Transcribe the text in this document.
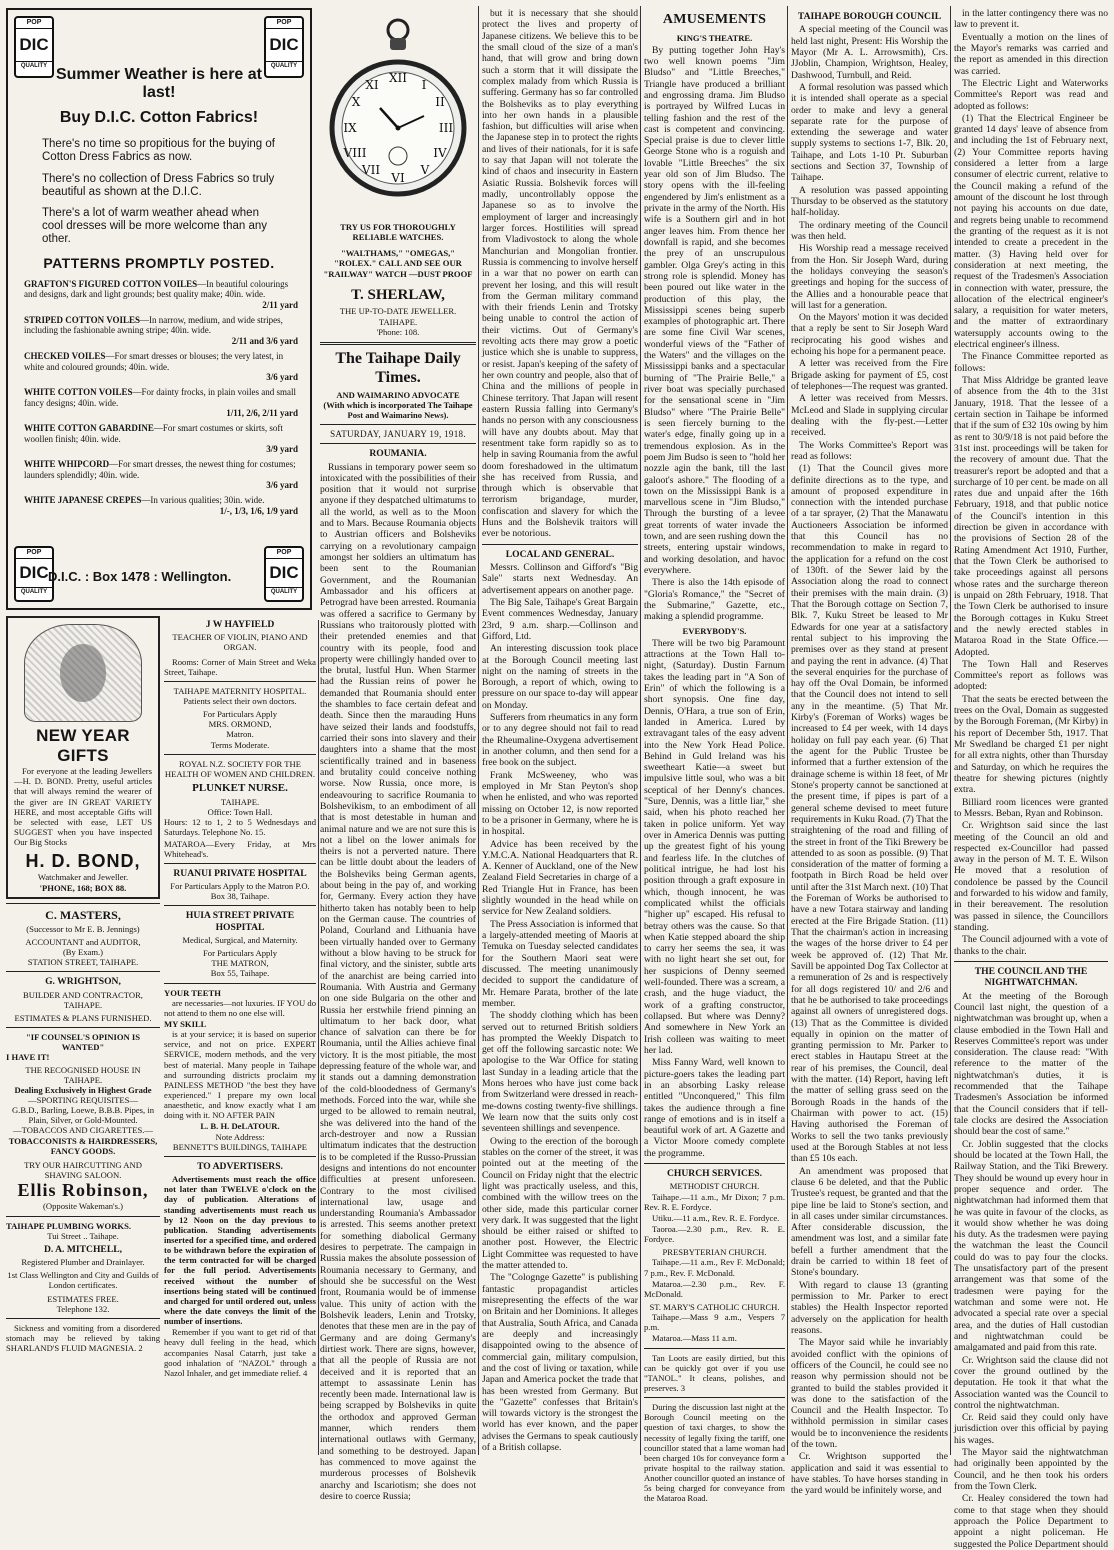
POP
DIC
QUALITY
POP
DIC
QUALITY
Summer Weather is here at last!
Buy D.I.C. Cotton Fabrics!
There's no time so propitious for the buying of Cotton Dress Fabrics as now.
There's no collection of Dress Fabrics so truly beautiful as shown at the D.I.C.
There's a lot of warm weather ahead when cool dresses will be more welcome than any other.
PATTERNS PROMPTLY POSTED.
GRAFTON'S FIGURED COTTON VOILES—In beautiful colourings and designs, dark and light grounds; best quality make; 40in. wide.
2/11 yard
STRIPED COTTON VOILES—In narrow, medium, and wide stripes, including the fashionable awning stripe; 40in. wide.
2/11 and 3/6 yard
CHECKED VOILES—For smart dresses or blouses; the very latest, in white and coloured grounds; 40in. wide.
3/6 yard
WHITE COTTON VOILES—For dainty frocks, in plain voiles and small fancy designs; 40in. wide.
1/11, 2/6, 2/11 yard
WHITE COTTON GABARDINE—For smart costumes or skirts, soft woollen finish; 40in. wide.
3/9 yard
WHITE WHIPCORD—For smart dresses, the newest thing for costumes; launders splendidly; 40in. wide.
3/6 yard
WHITE JAPANESE CREPES—In various qualities; 30in. wide.
1/-, 1/3, 1/6, 1/9 yard
POP
DIC
QUALITY
POP
DIC
QUALITY
D.I.C. : Box 1478 : Wellington.
NEW YEAR GIFTS

For everyone at the leading Jewellers—H. D. BOND. Pretty, useful articles that will always remind the wearer of the giver are IN GREAT VARIETY HERE, and most acceptable Gifts will be selected with ease, LET US SUGGEST when you have inspected Our Big Stocks

H. D. BOND,
Watchmaker and Jeweller.
'PHONE, 168; BOX 88.
C. MASTERS,
(Successor to Mr E. B. Jennings)
ACCOUNTANT and AUDITOR,
(By Exam.)
STATION STREET, TAIHAPE.
G. WRIGHTSON,
BUILDER AND CONTRACTOR,
TAIHAPE.
ESTIMATES & PLANS FURNISHED.
"IF COUNSEL'S OPINION IS WANTED"
I HAVE IT!
THE RECOGNISED HOUSE IN TAIHAPE.
Dealing Exclusively in Highest Grade
—SPORTING REQUISITES—
G.B.D., Barling, Loewe, B.B.B. Pipes, in Plain, Silver, or Gold-Mounted.
—TOBACCOS AND CIGARETTES.—
TOBACCONISTS & HAIRDRESSERS, FANCY GOODS.
TRY OUR HAIRCUTTING AND SHAVING SALOON.
Ellis Robinson,
(Opposite Wakeman's.)
TAIHAPE PLUMBING WORKS.
Tui Street .. Taihape.
D. A. MITCHELL,
Registered Plumber and Drainlayer.
1st Class Wellington and City and Guilds of London certificates.
ESTIMATES FREE.
Telephone 132.

Sickness and vomiting from a disordered stomach may be relieved by taking SHARLAND'S FLUID MAGNESIA. 2

J W HAYFIELD
TEACHER OF VIOLIN, PIANO AND ORGAN.

Rooms: Corner of Main Street and Weka Street, Taihape.

TAIHAPE MATERNITY HOSPITAL.
Patients select their own doctors.
For Particulars Apply
MRS. ORMOND,
Matron.
Terms Moderate.
ROYAL N.Z. SOCIETY FOR THE HEALTH OF WOMEN AND CHILDREN.
PLUNKET NURSE.
TAIHAPE.
Office: Town Hall.

Hours: 12 to 1, 2 to 5 Wednesdays and Saturdays. Telephone No. 15.

MATAROA—Every Friday, at Mrs Whitehead's.

RUANUI PRIVATE HOSPITAL

For Particulars Apply to the Matron P.O. Box 38, Taihape.

HUIA STREET PRIVATE HOSPITAL
Medical, Surgical, and Maternity.
For Particulars Apply
THE MATRON,
Box 55, Taihape.
YOUR TEETH

are necessaries—not luxuries. IF YOU do not attend to them no one else will.

MY SKILL

is at your service; it is based on superior service, and not on price. EXPERT SERVICE, modern methods, and the very best of material. Many people in Taihape and surrounding districts proclaim my PAINLESS METHOD "the best they have experienced." I prepare my own local anaesthetic, and know exactly what I am doing with it. NO AFTER PAIN

L. B. H. DeLATOUR.
Note Address:
BENNETT'S BUILDINGS, TAIHAPE
TO ADVERTISERS.

Advertisements must reach the office not later than TWELVE o'clock on the day of publication. Alterations of standing advertisements must reach us by 12 Noon on the day previous to publication. Standing advertisements inserted for a specified time, and ordered to be withdrawn before the expiration of the term contracted for will be charged for the full period. Advertisements received without the number of insertions being stated will be continued and charged for until ordered out, unless where the date conveys the limit of the number of insertions.

Remember if you want to get rid of that heavy dull feeling in the head, which accompanies Nasal Catarrh, just take a good inhalation of "NAZOL" through a Nazol Inhaler, and get immediate relief. 4

XII I
II
III
IV
V
VI
VII
VIII
IX
X
XI
TRY US FOR THOROUGHLY RELIABLE WATCHES.
"WALTHAMS," "OMEGAS," "ROLEX." CALL AND SEE OUR "RAILWAY" WATCH —DUST PROOF
T. SHERLAW,
THE UP-TO-DATE JEWELLER.
TAIHAPE.
'Phone: 108.
The Taihape Daily Times.
AND WAIMARINO ADVOCATE
(With which is incorporated The Taihape Post and Waimarino News).
SATURDAY, JANUARY 19, 1918.
ROUMANIA.

Russians in temporary power seem so intoxicated with the possibilities of their position that it would not surprise anyone if they despatched ultimatums to all the world, as well as to the Moon and to Mars. Because Roumania objects to Austrian officers and Bolsheviks carrying on a revolutionary campaign amongst her soldiers an ultimatum has been sent to the Roumanian Government, and the Roumanian Ambassador and his officers at Petrograd have been arrested. Roumania was offered a sacrifice to Germany by Russians who traitorously plotted with their pretended enemies and that country with its people, food and property were chillingly handed over to the brutal, lustful Hun. When Starmer had the Russian reins of power he demanded that Roumania should enter the shambles to face certain defeat and death. Since then the marauding Huns have seized their lands and foodstuffs, carried their sons into slavery and their daughters into a shame that the most scientifically trained and in baseness and brutality could conceive nothing worse. Now Russia, once more, is endeavouring to sacrifice Roumania to Bolshevikism, to an embodiment of all that is most detestable in human and animal nature and we are not sure this is not a libel on the lower animals for theirs is not a perverted nature. There can be little doubt about the leaders of the Bolsheviks being German agents, about being in the pay of, and working for, Germany. Every action they have hitherto taken has notably been to help on the German cause. The countries of Poland, Courland and Lithuania have been virtually handed over to Germany without a blow having to be struck for final victory, and the sinister, subtle arts of the anarchist are being carried into Roumania. With Austria and Germany on one side Bulgaria on the other and Russia her erstwhile friend pinning an ultimatum to her back door, what chance of salvation can there be for Roumania, until the Allies achieve final victory. It is the most pitiable, the most depressing feature of the whole war, and it stands out a damning demonstration of the cold-bloodedness of Germany's methods. Forced into the war, while she urged to be allowed to remain neutral, she was delivered into the hand of the arch-destroyer and now a Russian ultimatum indicates that the destruction is to be completed if the Russo-Prussian designs and intentions do not encounter difficulties at present unforeseen. Contrary to the most civilised international law, usage and understanding Roumania's Ambassador is arrested. This seems another pretext for something diabolical Germany desires to perpetrate. The campaign in Russia makes the absolute possession of Roumania necessary to Germany, and should she be successful on the West front, Roumania would be of immense value. This unity of action with the Bolshevik leaders, Lenin and Trotsky, denotes that these men are in the pay of Germany and are doing Germany's dirtiest work. There are signs, however, that all the people of Russia are not deceived and it is reported that an attempt to assassinate Lenin has recently been made. International law is being scrapped by Bolsheviks in quite the orthodox and approved German manner, which renders them international outlaws with Germany, and something to be destroyed. Japan has commenced to move against the murderous processes of Bolshevik anarchy and Iscariotism; she does not desire to coerce Russia;

but it is necessary that she should protect the lives and property of Japanese citizens. We believe this to be the small cloud of the size of a man's hand, that will grow and bring down such a storm that it will dissipate the complex malady from which Russia is suffering. Germany has so far controlled the Bolsheviks as to play everything into her own hands in a plausible fashion, but difficulties will arise when the Japanese step in to protect the rights and lives of their nationals, for it is safe to say that Japan will not tolerate the kind of chaos and insecurity in Eastern Asiatic Russia. Bolshevik forces will madly, uncontrollably oppose the Japanese so as to involve the employment of larger and increasingly larger forces. Hostilities will spread from Vladivostock to along the whole Manchurian and Mongolian frontier. Russia is commencing to involve herself in a war that no power on earth can prevent her losing, and this will result from the German military command with their friends Lenin and Trotsky being unable to control the action of their victims. Out of Germany's revolting acts there may grow a poetic justice which she is unable to suppress, or resist. Japan's keeping of the safety of her own country and people, also that of China and the millions of people in Chinese territory. That Japan will resent eastern Russia falling into Germany's hands no person with any consciousness will have any doubts about. May that resentment take form rapidly so as to help in saving Roumania from the awful doom foreshadowed in the ultimatum she has received from Russia, and through which is observable that terrorism brigandage, murder, confiscation and slavery for which the Huns and the Bolshevik traitors will ever be notorious.

LOCAL AND GENERAL.

Messrs. Collinson and Gifford's "Big Sale" starts next Wednesday. An advertisement appears on another page.

The Big Sale, Taihape's Great Bargain Event commences Wednesday, January 23rd, 9 a.m. sharp.—Collinson and Gifford, Ltd.

An interesting discussion took place at the Borough Council meeting last night on the naming of streets in the Borough, a report of which, owing to pressure on our space to-day will appear on Monday.

Sufferers from rheumatics in any form or to any degree should not fail to read the Rheumaline-Oxygena advertisement in another column, and then send for a free book on the subject.

Frank McSweeney, who was employed in Mr Stan Peyton's shop when he enlisted, and who was reported missing on October 12, is now reported to be a prisoner in Germany, where he is in hospital.

Advice has been received by the Y.M.C.A. National Headquarters that R. A. Kenner of Auckland, one of the New Zealand Field Secretaries in charge of a Red Triangle Hut in France, has been slightly wounded in the head while on service for New Zealand soldiers.

The Press Association is informed that a largely-attended meeting of Maoris at Temuka on Tuesday selected candidates for the Southern Maori seat were discussed. The meeting unanimously decided to support the candidature of Mr. Hemare Parata, brother of the late member.

The shoddy clothing which has been served out to returned British soldiers has prompted the Weekly Dispatch to get off the following sarcastic note: We apologise to the War Office for stating last Sunday in a leading article that the Mons heroes who have just come back from Switzerland were dressed in reach-me-downs costing twenty-five shillings. We learn now that the suits only cost seventeen shillings and sevenpence.

Owing to the erection of the borough stables on the corner of the street, it was pointed out at the meeting of the Council on Friday night that the electric light was practically useless, and this, combined with the willow trees on the other side, made this particular corner very dark. It was suggested that the light should be either raised or shifted to another post. However, the Electric Light Committee was requested to have the matter attended to.

The "Colognge Gazette" is publishing fantastic propagandist articles misrepresenting the effects of the war on Britain and her Dominions. It alleges that Australia, South Africa, and Canada are deeply and increasingly disappointed owing to the absence of commercial gain, military compulsion, and the cost of living or taxation, while Japan and America pocket the trade that has been wrested from Germany. But the "Gazette" confesses that Britain's will towards victory is the strongest the world has ever known, and the paper advises the Germans to speak cautiously of a British collapse.

AMUSEMENTS
KING'S THEATRE.

By putting together John Hay's two well known poems "Jim Bludso" and "Little Breeches," Triangle have produced a brilliant and engrossing drama. Jim Bludso is portrayed by Wilfred Lucas in telling fashion and the rest of the cast is competent and convincing. Special praise is due to clever little George Stone who is a roguish and lovable "Little Breeches" the six year old son of Jim Bludso. The story opens with the ill-feeling engendered by Jim's enlistment as a private in the army of the North. His wife is a Southern girl and in hot anger leaves him. From thence her downfall is rapid, and she becomes the prey of an unscrupulous gambler. Olga Grey's acting in this strong role is splendid. Money has been poured out like water in the production of this play, the Mississippi scenes being superb examples of photographic art. There are some fine Civil War scenes, wonderful views of the "Father of the Waters" and the villages on the Mississippi banks and a spectacular burning of "The Prairie Belle," a river boat was specially purchased for the sensational scene in "Jim Bludso" where "The Prairie Belle" is seen fiercely burning to the water's edge, finally going up in a tremendous explosion. As in the poem Jim Budso is seen to "hold her nozzle agin the bank, till the last galoot's ashore." The flooding of a town on the Mississippi Bank is a marvellous scene in "Jim Bludso," Through the bursting of a levee great torrents of water invade the town, and are seen rushing down the streets, entering upstair windows, and working desolation, and havoc everywhere.

There is also the 14th episode of "Gloria's Romance," the "Secret of the Submarine," Gazette, etc., making a splendid programme.

EVERYBODY'S.

There will be two big Paramount attractions at the Town Hall to-night, (Saturday). Dustin Farnum takes the leading part in "A Son of Erin" of which the following is a short synopsis. One fine day, Dennis, O'Hara, a true son of Erin, landed in America. Lured by extravagant tales of the easy advent into the New York Head Police. Behind in Guld Ireland was his sweetheart Katie—a sweet but impulsive little soul, who was a bit sceptical of her Denny's chances. "Sure, Dennis, was a little liar," she said, when his photo reached her taken in police uniform. Yet way over in America Dennis was putting up the greatest fight of his young and fearless life. In the clutches of political intrigue, he had lost his position through a graft exposure in which, though innocent, he was complicated whilst the officials "higher up" escaped. His refusal to betray others was the cause. So that when Katie stepped aboard the ship to carry her seems the sea, it was with no light heart she set out, for her suspicions of Denny seemed well-founded. There was a scream, a crash, and the huge viaduct, the work of a grafting constructor, collapsed. But where was Denny? And somewhere in New York an Irish colleen was waiting to meet her lad.

Miss Fanny Ward, well known to picture-goers takes the leading part in an absorbing Lasky release entitled "Unconquered," This film takes the audience through a fine range of emotions and is in itself a beautiful work of art. A Gazette and a Victor Moore comedy complete the programme.

CHURCH SERVICES.
METHODIST CHURCH.

Taihape.—11 a.m., Mr Dixon; 7 p.m. Rev. R. E. Fordyce.

Utiku.—11 a.m., Rev. R. E. Fordyce.

Taoroa.—2.30 p.m., Rev. R. E. Fordyce.

PRESBYTERIAN CHURCH.

Taihape.—11 a.m., Rev F. McDonald; 7 p.m., Rev. F. McDonald.

Mataroa.—2.30 p.m., Rev. F. McDonald.

ST. MARY'S CATHOLIC CHURCH.

Taihape.—Mass 9 a.m., Vespers 7 p.m.

Mataroa.—Mass 11 a.m.

Tan Loots are easily dirtied, but this can be quickly got over if you use "TANOL." It cleans, polishes, and preserves. 3

During the discussion last night at the Borough Council meeting on the question of taxi charges, to show the necessity of legally fixing the tariff, one councillor stated that a lame woman had been charged 10s for conveyance form a private hospital to the railway station. Another councillor quoted an instance of 5s being charged for conveyance from the Mataroa Road.

TAIHAPE BOROUGH COUNCIL

A special meeting of the Council was held last night, Present: His Worship the Mayor (Mr A. L. Arrowsmith), Crs. JJoblin, Champion, Wrightson, Healey, Dashwood, Turnbull, and Reid.

A formal resolution was passed which it is intended shall operate as a special order to make and levy a general separate rate for the purpose of extending the sewerage and water supply systems to sections 1-7, Blk. 20, Taihape, and Lots 1-10 Pt. Suburban sections and Section 37, Township of Taihape.

A resolution was passed appointing Thursday to be observed as the statutory half-holiday.

The ordinary meeting of the Council was then held.

His Worship read a message received from the Hon. Sir Joseph Ward, during the holidays conveying the season's greetings and hoping for the success of the Allies and a honourable peace that will last for a generation.

On the Mayors' motion it was decided that a reply be sent to Sir Joseph Ward reciprocating his good wishes and echoing his hope for a permanent peace.

A letter was received from the Fire Brigade asking for payment of £5, cost of telephones—The request was granted.

A letter was received from Messrs. McLeod and Slade in supplying circular dealing with the fly-pest.—Letter received.

The Works Committee's Report was read as follows:

(1) That the Council gives more definite directions as to the type, and amount of proposed expenditure in connection with the intended purchase of a tar sprayer, (2) That the Manawatu Auctioneers Association be informed that this Council has no recommendation to make in regard to the application for a refund on the cost of 130ft. of the Sewer laid by the Association along the road to connect their premises with the main drain. (3) That the Borough cottage on Section 7, Blk. 7, Kuku Street be leased to Mr Edwards for one year at a satisfactory rental subject to his improving the premises over as they stand at present and paying the rent in advance. (4) That the several enquiries for the purchase of hay off the Oval Domain, be informed that the Council does not intend to sell any in the meantime. (5) That Mr. Kirby's (Foreman of Works) wages be increased to £4 per week, with 14 days holiday on full pay each year. (6) That the agent for the Public Trustee be informed that a further extension of the drainage scheme is within 18 feet, of Mr Stone's property cannot be sanctioned at the present time, if pipes is part of a general scheme devised to meet future requirements in Kuku Road. (7) That the straightening of the road and filling of the street in front of the Tiki Brewery be attended to as soon as possible. (9) That consideration of the matter of forming a footpath in Birch Road be held over until after the 31st March next. (10) That the Foreman of Works be authorised to have a new Totara stairway and landing erected at the Fire Brigade Station. (11) That the chairman's action in increasing the wages of the horse driver to £4 per week be approved of. (12) That Mr. Savill be appointed Dog Tax Collector at a remuneration of 2s and is respectively for all dogs registered 10/ and 2/6 and that he be authorised to take proceedings against all owners of unregistered dogs. (13) That as the Committee is divided equally in opinion on the matter of granting permission to Mr. Parker to erect stables in Hautapu Street at the rear of his premises, the Council, deal with the matter. (14) Report, having left the matter of selling grass seed on the Borough Roads in the hands of the Chairman with power to act. (15) Having authorised the Foreman of Works to sell the two tanks previously used at the Borough Stables at not less than £5 10s each.

An amendment was proposed that clause 6 be deleted, and that the Public Trustee's request, be granted and that the pipe line be laid to Stone's section, and in all cases under similar circumstances. After considerable discussion, the amendment was lost, and a similar fate befell a further amendment that the drain be carried to within 18 feet of Stone's boundary.

With regard to clause 13 (granting permission to Mr. Parker to erect stables) the Health Inspector reported adversely on the application for health reasons.

The Mayor said while he invariably avoided conflict with the opinions of officers of the Council, he could see no reason why permission should not be granted to build the stables provided it was done to the satisfaction of the Council and the Health Inspector. To withhold permission in similar cases would be to inconvenience the residents of the town.

Cr. Wrightson supported the application and said it was essential to have stables. To have horses standing in the yard would be infinitely worse, and

in the latter contingency there was no law to prevent it.

Eventually a motion on the lines of the Mayor's remarks was carried and the report as amended in this direction was carried.

The Electric Light and Waterworks Committee's Report was read and adopted as follows:

(1) That the Electrical Engineer be granted 14 days' leave of absence from and including the 1st of February next, (2) Your Committee reports having considered a letter from a large consumer of electric current, relative to the Council making a refund of the amount of the discount he lost through not paying his accounts on due date, and regrets being unable to recommend the granting of the request as it is not intended to create a precedent in the matter. (3) Having held over for consideration at next meeting, the request of the Tradesmen's Association in connection with water, pressure, the allocation of the electrical engineer's salary, a requisition for water meters, and the matter of extraordinary watersupply accounts owing to the electrical engineer's illness.

The Finance Committee reported as follows:

That Miss Aldridge be granted leave of absence from the 4th to the 31st January, 1918. That the lessee of a certain section in Taihape be informed that if the sum of £32 10s owing by him as rent to 30/9/18 is not paid before the 31st inst. proceedings will be taken for the recovery of amount due. That the treasurer's report be adopted and that a surcharge of 10 per cent. be made on all rates due and unpaid after the 16th February, 1918, and that public notice of the Council's intention in this direction be given in accordance with the provisions of Section 28 of the Rating Amendment Act 1910, Further, that the Town Clerk be authorised to take proceedings against all persons whose rates and the surcharge thereon is unpaid on 28th February, 1918. That the Town Clerk be authorised to insure the Borough cottages in Kuku Street and the newly erected stables in Mataroa Road in the State Office.—Adopted.

The Town Hall and Reserves Committee's report as follows was adopted:

That the seats be erected between the trees on the Oval, Domain as suggested by the Borough Foreman, (Mr Kirby) in his report of December 5th, 1917. That Mr Swedland be charged £1 per night for all extra nights, other than Thursday and Saturday, on which he requires the theatre for shewing pictures (nightly extra.

Billiard room licences were granted to Messrs. Beban, Ryan and Robinson.

Cr. Wrightson said since the last meeting of the Council an old and respected ex-Councillor had passed away in the person of M. T. E. Wilson He moved that a resolution of condolence be passed by the Council and forwarded to his widow and family, in their bereavement. The resolution was passed in silence, the Councillors standing.

The Council adjourned with a vote of thanks to the chair.

THE COUNCIL AND THE NIGHTWATCHMAN.

At the meeting of the Borough Council last night, the question of a nightwatchman was brought up, when a clause embodied in the Town Hall and Reserves Committee's report was under consideration. The clause read: "With reference to the matter of the nightwatchman's duties, it is recommended that the Taihape Tradesmen's Association be informed that the Council considers that if tell-tale clocks are desired the Association should bear the cost of same."

Cr. Joblin suggested that the clocks should be located at the Town Hall, the Railway Station, and the Tiki Brewery. They should be wound up every hour in proper sequence and order. The nightwatchman had informed them that he was quite in favour of the clocks, as it would show whether he was doing his duty. As the tradesmen were paying the watchman the least the Council could do was to pay four the clocks. The unsatisfactory part of the present arrangement was that some of the tradesmen were paying for the watchman and some were not. He advocated a special rate over a special area, and the duties of Hall custodian and nightwatchman could be amalgamated and paid from this rate.

Cr. Wrightson said the clause did not cover the ground outlined by the deputation. He took it that what the Association wanted was the Council to control the nightwatchman.

Cr. Reid said they could only have jurisdiction over this official by paying his wages.

The Mayor said the nightwatchman had originally been appointed by the Council, and he then took his orders from the Town Clerk.

Cr. Healey considered the town had come to that stage when they should approach the Police Department to appoint a night policeman. He suggested the Police Department should
